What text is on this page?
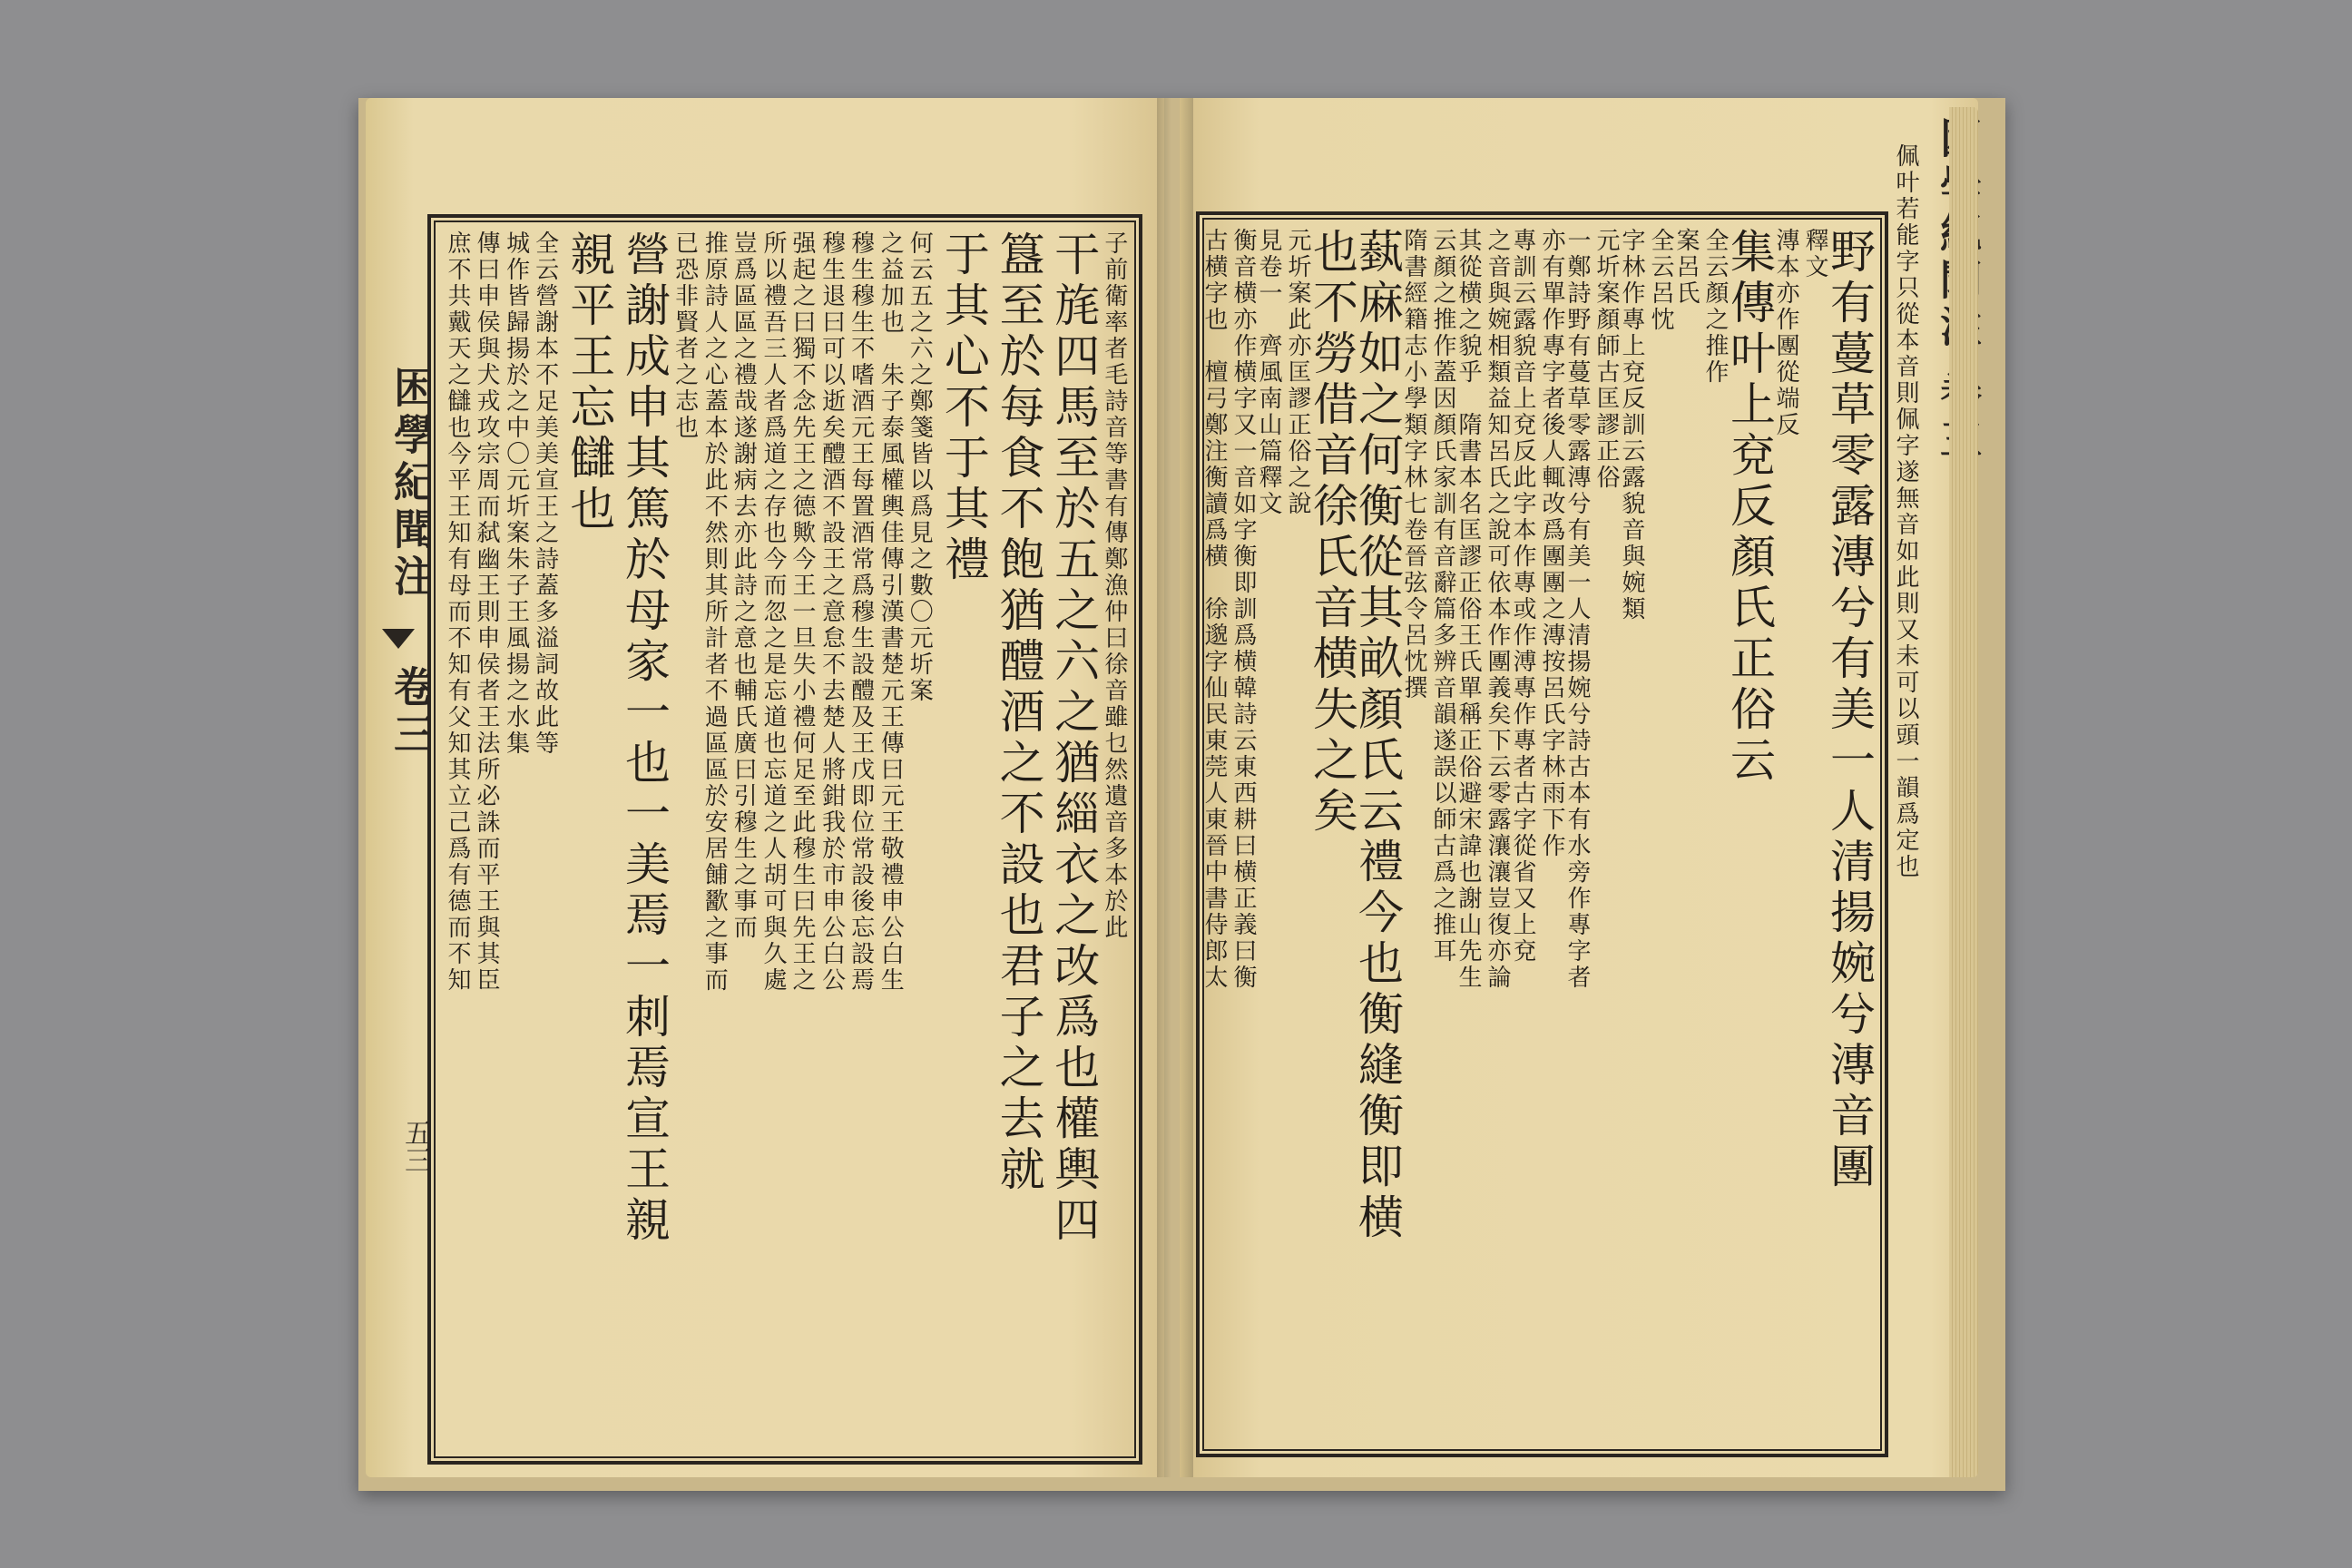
困學紀聞注
卷三
五三
子前衛率者毛詩音等書有傳鄭漁仲曰徐音雖乜然遺音多本於此
干旄四馬至於五之六之猶緇衣之改爲也權輿四
簋至於每食不飽猶醴酒之不設也君子之去就
于其心不于其禮
何云五之六之鄭箋皆以爲見之數〇元圻案
之益加也　朱子泰風權輿佳傳引漢書楚元王傳曰元王敬禮申公白生
穆生穆生不嗜酒元王每置酒常爲穆生設醴及王戊即位常設後忘設焉
穆生退曰可以逝矣醴酒不設王之意怠不去楚人將鉗我於市申公白公
强起之曰獨不念先王之德歟今王一旦失小禮何足至此穆生曰先王之
所以禮吾三人者爲道之存也今而忽之是忘道也忘道之人胡可與久處
豈爲區區之禮哉遂謝病去亦此詩之意也輔氏廣曰引穆生之事而
推原詩人之心蓋本於此不然則其所計者不過區區於安居餔歠之事而
已恐非賢者之志也
營謝成申其篤於母家一也一美焉一刺焉宣王親
親平王忘讎也
全云營謝本不足美美宣王之詩蓋多溢詞故此等
城作皆歸揚於之中〇元圻案朱子王風揚之水集
傳曰申侯與犬戎攻宗周而弑幽王則申侯者王法所必誅而平王與其臣
庶不共戴天之讎也今平王知有母而不知有父知其立己爲有德而不知	野有蔓草零露漙兮有美一人清揚婉兮漙音團
釋文
漙本亦作團從端反
集傳叶上兗反顏氏正俗云
全云顏之推作
案呂氏
全云呂忱
字林作專上兗反訓云露貌音與婉類
元圻案顏師古匡謬正俗
一鄭詩野有蔓草零露漙兮有美一人清揚婉兮詩古本有水旁作專字者
亦有單作專字者後人輒改爲團團之漙按呂氏字林雨下作
專訓云露貌音上兗反此字本作專或作溥專作專者古字從省又上兗
之音與婉相類益知呂氏之說可依本作團義矣下云零露瀼瀼豈復亦論
其從横之貌乎　隋書本名匡謬正俗王氏單稱正俗避宋諱也謝山先生
云顏之推作蓋因顏氏家訓有音辭篇多辨音韻遂誤以師古爲之推耳
隋書經籍志小學類字林七卷晉弦令呂忱撰
蓺麻如之何衡從其畝顏氏云禮今也衡縫衡即横
也不勞借音徐氏音横失之矣
元圻案此亦匡謬正俗之說
見卷一　齊風南山篇釋文
衡音横亦作横字又一音如字衡即訓爲横韓詩云東西耕曰横正義曰衡
古横字也　檀弓鄭注衡讀爲横　徐邈字仙民東莞人東晉中書侍郎太	佩叶若能字只從本音則佩字遂無音如此則又未可以頭一韻爲定也
